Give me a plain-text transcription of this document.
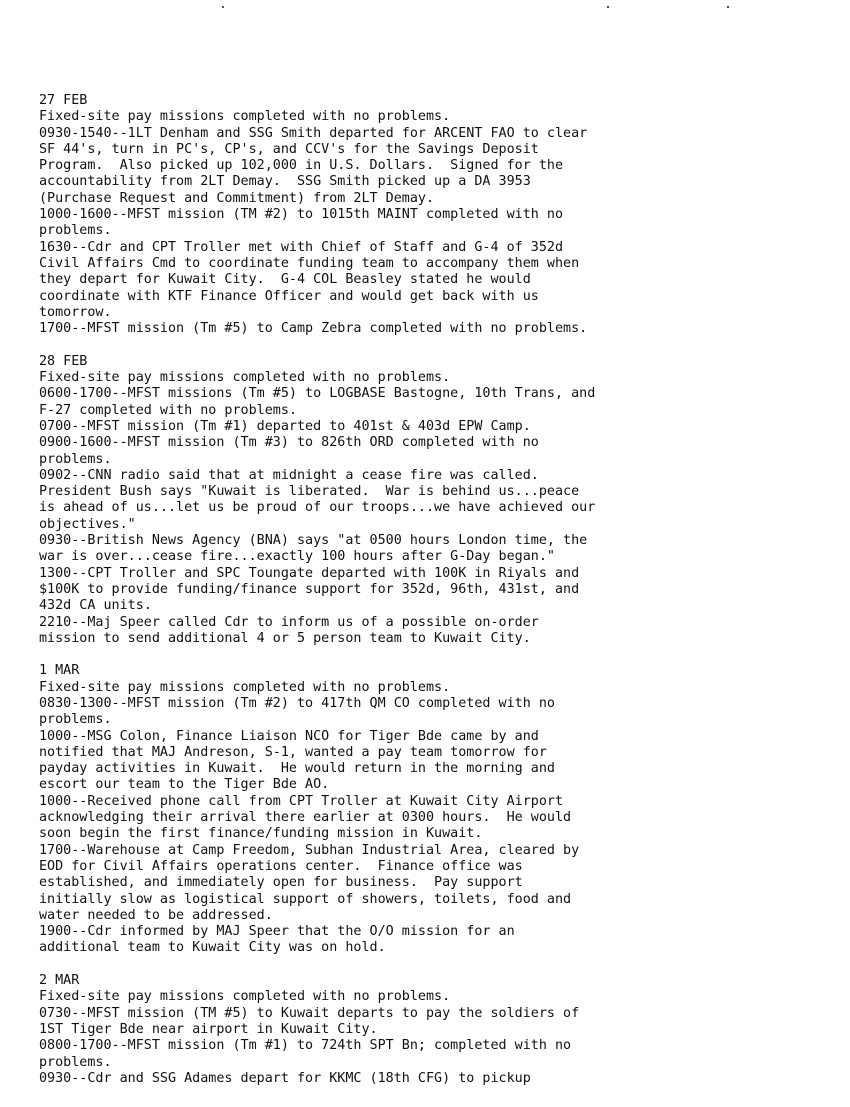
27 FEB
Fixed-site pay missions completed with no problems.
0930-1540--1LT Denham and SSG Smith departed for ARCENT FAO to clear
SF 44's, turn in PC's, CP's, and CCV's for the Savings Deposit
Program.  Also picked up 102,000 in U.S. Dollars.  Signed for the
accountability from 2LT Demay.  SSG Smith picked up a DA 3953
(Purchase Request and Commitment) from 2LT Demay.
1000-1600--MFST mission (TM #2) to 1015th MAINT completed with no
problems.
1630--Cdr and CPT Troller met with Chief of Staff and G-4 of 352d
Civil Affairs Cmd to coordinate funding team to accompany them when
they depart for Kuwait City.  G-4 COL Beasley stated he would
coordinate with KTF Finance Officer and would get back with us
tomorrow.
1700--MFST mission (Tm #5) to Camp Zebra completed with no problems.
28 FEB
Fixed-site pay missions completed with no problems.
0600-1700--MFST missions (Tm #5) to LOGBASE Bastogne, 10th Trans, and
F-27 completed with no problems.
0700--MFST mission (Tm #1) departed to 401st & 403d EPW Camp.
0900-1600--MFST mission (Tm #3) to 826th ORD completed with no
problems.
0902--CNN radio said that at midnight a cease fire was called.
President Bush says "Kuwait is liberated.  War is behind us...peace
is ahead of us...let us be proud of our troops...we have achieved our
objectives."
0930--British News Agency (BNA) says "at 0500 hours London time, the
war is over...cease fire...exactly 100 hours after G-Day began."
1300--CPT Troller and SPC Toungate departed with 100K in Riyals and
$100K to provide funding/finance support for 352d, 96th, 431st, and
432d CA units.
2210--Maj Speer called Cdr to inform us of a possible on-order
mission to send additional 4 or 5 person team to Kuwait City.
1 MAR
Fixed-site pay missions completed with no problems.
0830-1300--MFST mission (Tm #2) to 417th QM CO completed with no
problems.
1000--MSG Colon, Finance Liaison NCO for Tiger Bde came by and
notified that MAJ Andreson, S-1, wanted a pay team tomorrow for
payday activities in Kuwait.  He would return in the morning and
escort our team to the Tiger Bde AO.
1000--Received phone call from CPT Troller at Kuwait City Airport
acknowledging their arrival there earlier at 0300 hours.  He would
soon begin the first finance/funding mission in Kuwait.
1700--Warehouse at Camp Freedom, Subhan Industrial Area, cleared by
EOD for Civil Affairs operations center.  Finance office was
established, and immediately open for business.  Pay support
initially slow as logistical support of showers, toilets, food and
water needed to be addressed.
1900--Cdr informed by MAJ Speer that the O/O mission for an
additional team to Kuwait City was on hold.
2 MAR
Fixed-site pay missions completed with no problems.
0730--MFST mission (TM #5) to Kuwait departs to pay the soldiers of
1ST Tiger Bde near airport in Kuwait City.
0800-1700--MFST mission (Tm #1) to 724th SPT Bn; completed with no
problems.
0930--Cdr and SSG Adames depart for KKMC (18th CFG) to pickup
